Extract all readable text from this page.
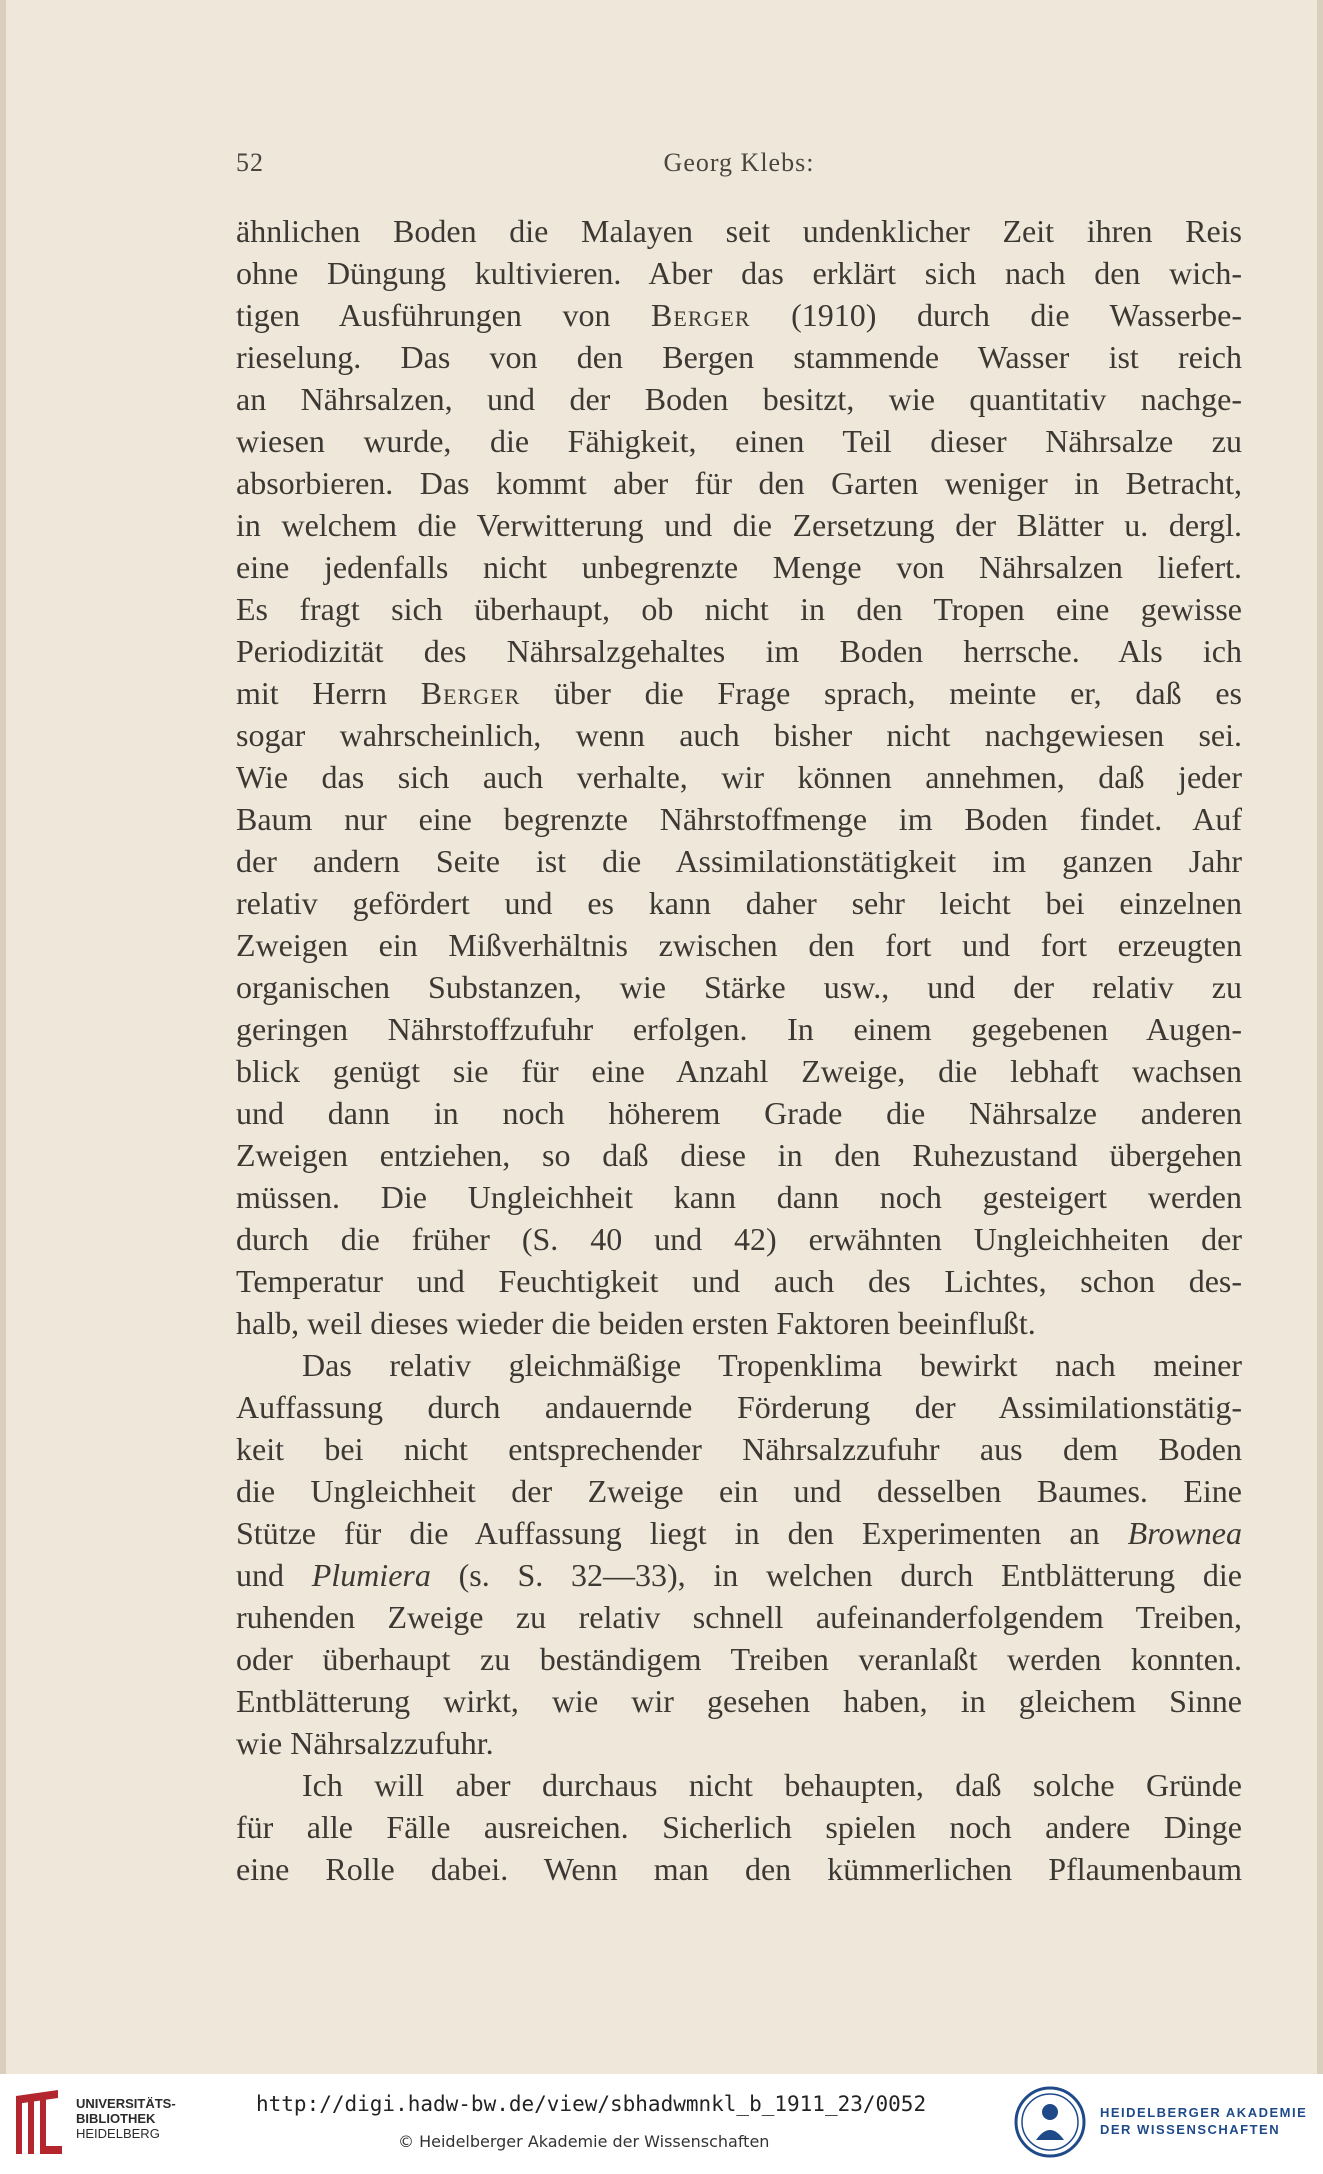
52	Georg Klebs:
ähnlichen Boden die Malayen seit undenklicher Zeit ihren Reis
ohne Düngung kultivieren. Aber das erklärt sich nach den wich-
tigen Ausführungen von Berger (1910) durch die Wasserbe-
rieselung. Das von den Bergen stammende Wasser ist reich
an Nährsalzen, und der Boden besitzt, wie quantitativ nachge-
wiesen wurde, die Fähigkeit, einen Teil dieser Nährsalze zu
absorbieren. Das kommt aber für den Garten weniger in Betracht,
in welchem die Verwitterung und die Zersetzung der Blätter u. dergl.
eine jedenfalls nicht unbegrenzte Menge von Nährsalzen liefert.
Es fragt sich überhaupt, ob nicht in den Tropen eine gewisse
Periodizität des Nährsalzgehaltes im Boden herrsche. Als ich
mit Herrn Berger über die Frage sprach, meinte er, daß es
sogar wahrscheinlich, wenn auch bisher nicht nachgewiesen sei.
Wie das sich auch verhalte, wir können annehmen, daß jeder
Baum nur eine begrenzte Nährstoffmenge im Boden findet. Auf
der andern Seite ist die Assimilationstätigkeit im ganzen Jahr
relativ gefördert und es kann daher sehr leicht bei einzelnen
Zweigen ein Mißverhältnis zwischen den fort und fort erzeugten
organischen Substanzen, wie Stärke usw., und der relativ zu
geringen Nährstoffzufuhr erfolgen. In einem gegebenen Augen-
blick genügt sie für eine Anzahl Zweige, die lebhaft wachsen
und dann in noch höherem Grade die Nährsalze anderen
Zweigen entziehen, so daß diese in den Ruhezustand übergehen
müssen. Die Ungleichheit kann dann noch gesteigert werden
durch die früher (S. 40 und 42) erwähnten Ungleichheiten der
Temperatur und Feuchtigkeit und auch des Lichtes, schon des-
halb, weil dieses wieder die beiden ersten Faktoren beeinflußt.
Das relativ gleichmäßige Tropenklima bewirkt nach meiner
Auffassung durch andauernde Förderung der Assimilationstätig-
keit bei nicht entsprechender Nährsalzzufuhr aus dem Boden
die Ungleichheit der Zweige ein und desselben Baumes. Eine
Stütze für die Auffassung liegt in den Experimenten an Brownea
und Plumiera (s. S. 32—33), in welchen durch Entblätterung die
ruhenden Zweige zu relativ schnell aufeinanderfolgendem Treiben,
oder überhaupt zu beständigem Treiben veranlaßt werden konnten.
Entblätterung wirkt, wie wir gesehen haben, in gleichem Sinne
wie Nährsalzzufuhr.
Ich will aber durchaus nicht behaupten, daß solche Gründe
für alle Fälle ausreichen. Sicherlich spielen noch andere Dinge
eine Rolle dabei. Wenn man den kümmerlichen Pflaumenbaum
UNIVERSITÄTS-
BIBLIOTHEK
HEIDELBERG
http://digi.hadw-bw.de/view/sbhadwmnkl_b_1911_23/0052
© Heidelberger Akademie der Wissenschaften
HEIDELBERGER AKADEMIE
DER WISSENSCHAFTEN
